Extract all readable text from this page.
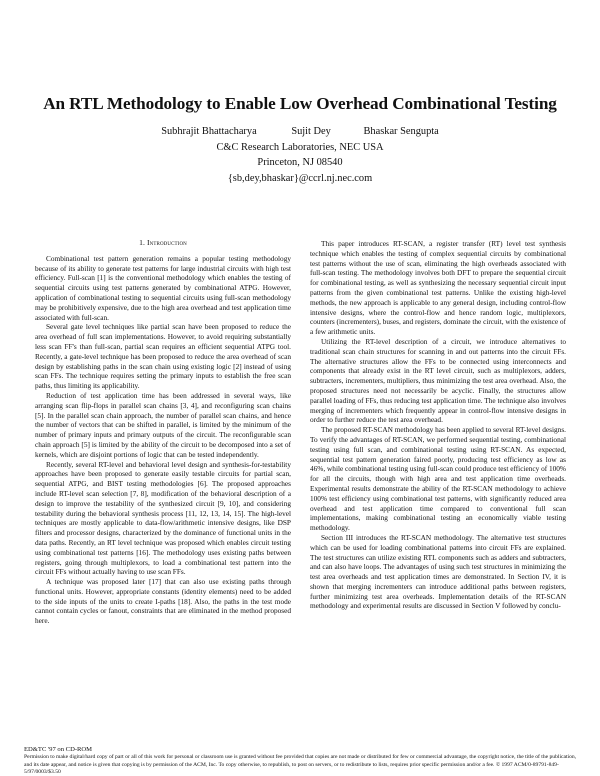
An RTL Methodology to Enable Low Overhead Combinational Testing
Subhrajit Bhattacharya	Sujit Dey	Bhaskar Sengupta
C&C Research Laboratories, NEC USA
Princeton, NJ 08540
{sb,dey,bhaskar}@ccrl.nj.nec.com
1. Introduction

Combinational test pattern generation remains a popular testing methodology because of its ability to generate test patterns for large industrial circuits with high test efficiency. Full-scan [1] is the conventional methodology which enables the testing of sequential circuits using test patterns generated by combinational ATPG. However, application of combinational testing to sequential circuits using full-scan methodology may be prohibitively expensive, due to the high area overhead and test application time associated with full-scan.

Several gate level techniques like partial scan have been proposed to reduce the area overhead of full scan implementations. However, to avoid requiring substantially less scan FF's than full-scan, partial scan requires an efficient sequential ATPG tool. Recently, a gate-level technique has been proposed to reduce the area overhead of scan design by establishing paths in the scan chain using existing logic [2] instead of using scan FFs. The technique requires setting the primary inputs to establish the free scan paths, thus limiting its applicability.

Reduction of test application time has been addressed in several ways, like arranging scan flip-flops in parallel scan chains [3, 4], and reconfiguring scan chains [5]. In the parallel scan chain approach, the number of parallel scan chains, and hence the number of vectors that can be shifted in parallel, is limited by the minimum of the number of primary inputs and primary outputs of the circuit. The reconfigurable scan chain approach [5] is limited by the ability of the circuit to be decomposed into a set of kernels, which are disjoint portions of logic that can be tested independently.

Recently, several RT-level and behavioral level design and synthesis-for-testability approaches have been proposed to generate easily testable circuits for partial scan, sequential ATPG, and BIST testing methodologies [6]. The proposed approaches include RT-level scan selection [7, 8], modification of the behavioral description of a design to improve the testability of the synthesized circuit [9, 10], and considering testability during the behavioral synthesis process [11, 12, 13, 14, 15]. The high-level techniques are mostly applicable to data-flow/arithmetic intensive designs, like DSP filters and processor designs, characterized by the dominance of functional units in the data paths. Recently, an RT level technique was proposed which enables circuit testing using combinational test patterns [16]. The methodology uses existing paths between registers, going through multiplexors, to load a combinational test pattern into the circuit FFs without actually having to use scan FFs.

A technique was proposed later [17] that can also use existing paths through functional units. However, appropriate constants (identity elements) need to be added to the side inputs of the units to create I-paths [18]. Also, the paths in the test mode cannot contain cycles or fanout, constraints that are eliminated in the method proposed here.

This paper introduces RT-SCAN, a register transfer (RT) level test synthesis technique which enables the testing of complex sequential circuits by combinational test patterns without the use of scan, eliminating the high overheads associated with full-scan testing. The methodology involves both DFT to prepare the sequential circuit for combinational testing, as well as synthesizing the necessary sequential circuit input patterns from the given combinational test patterns. Unlike the existing high-level methods, the new approach is applicable to any general design, including control-flow intensive designs, where the control-flow and hence random logic, multiplexors, counters (incrementers), buses, and registers, dominate the circuit, with the existence of a few arithmetic units.

Utilizing the RT-level description of a circuit, we introduce alternatives to traditional scan chain structures for scanning in and out patterns into the circuit FFs. The alternative structures allow the FFs to be connected using interconnects and components that already exist in the RT level circuit, such as multiplexors, adders, subtracters, incrementers, multipliers, thus minimizing the test area overhead. Also, the proposed structures need not necessarily be acyclic. Finally, the structures allow parallel loading of FFs, thus reducing test application time. The technique also involves merging of incrementers which frequently appear in control-flow intensive designs in order to further reduce the test area overhead.

The proposed RT-SCAN methodology has been applied to several RT-level designs. To verify the advantages of RT-SCAN, we performed sequential testing, combinational testing using full scan, and combinational testing using RT-SCAN. As expected, sequential test pattern generation faired poorly, producing test efficiency as low as 46%, while combinational testing using full-scan could produce test efficiency of 100% for all the circuits, though with high area and test application time overheads. Experimental results demonstrate the ability of the RT-SCAN methodology to achieve 100% test efficiency using combinational test patterns, with significantly reduced area overhead and test application time compared to conventional full scan implementations, making combinational testing an economically viable testing methodology.

Section III introduces the RT-SCAN methodology. The alternative test structures which can be used for loading combinational patterns into circuit FFs are explained. The test structures can utilize existing RTL components such as adders and subtracters, and can also have loops. The advantages of using such test structures in minimizing the test area overheads and test application times are demonstrated. In Section IV, it is shown that merging incrementers can introduce additional paths between registers, further minimizing test area overheads. Implementation details of the RT-SCAN methodology and experimental results are discussed in Section V followed by conclu-

ED&TC '97 on CD-ROM
Permission to make digital/hard copy of part or all of this work for personal or classroom use is granted without fee provided that copies are not made or distributed for few or commercial advantage, the copyright notice, the title of the publication, and its date appear, and notice is given that copying is by permission of the ACM, Inc. To copy otherwise, to republish, to post on servers, or to redistribute to lists, requires prior specific permission and/or a fee. © 1997 ACM/0-89791-849-5/97/0003/$3.50
